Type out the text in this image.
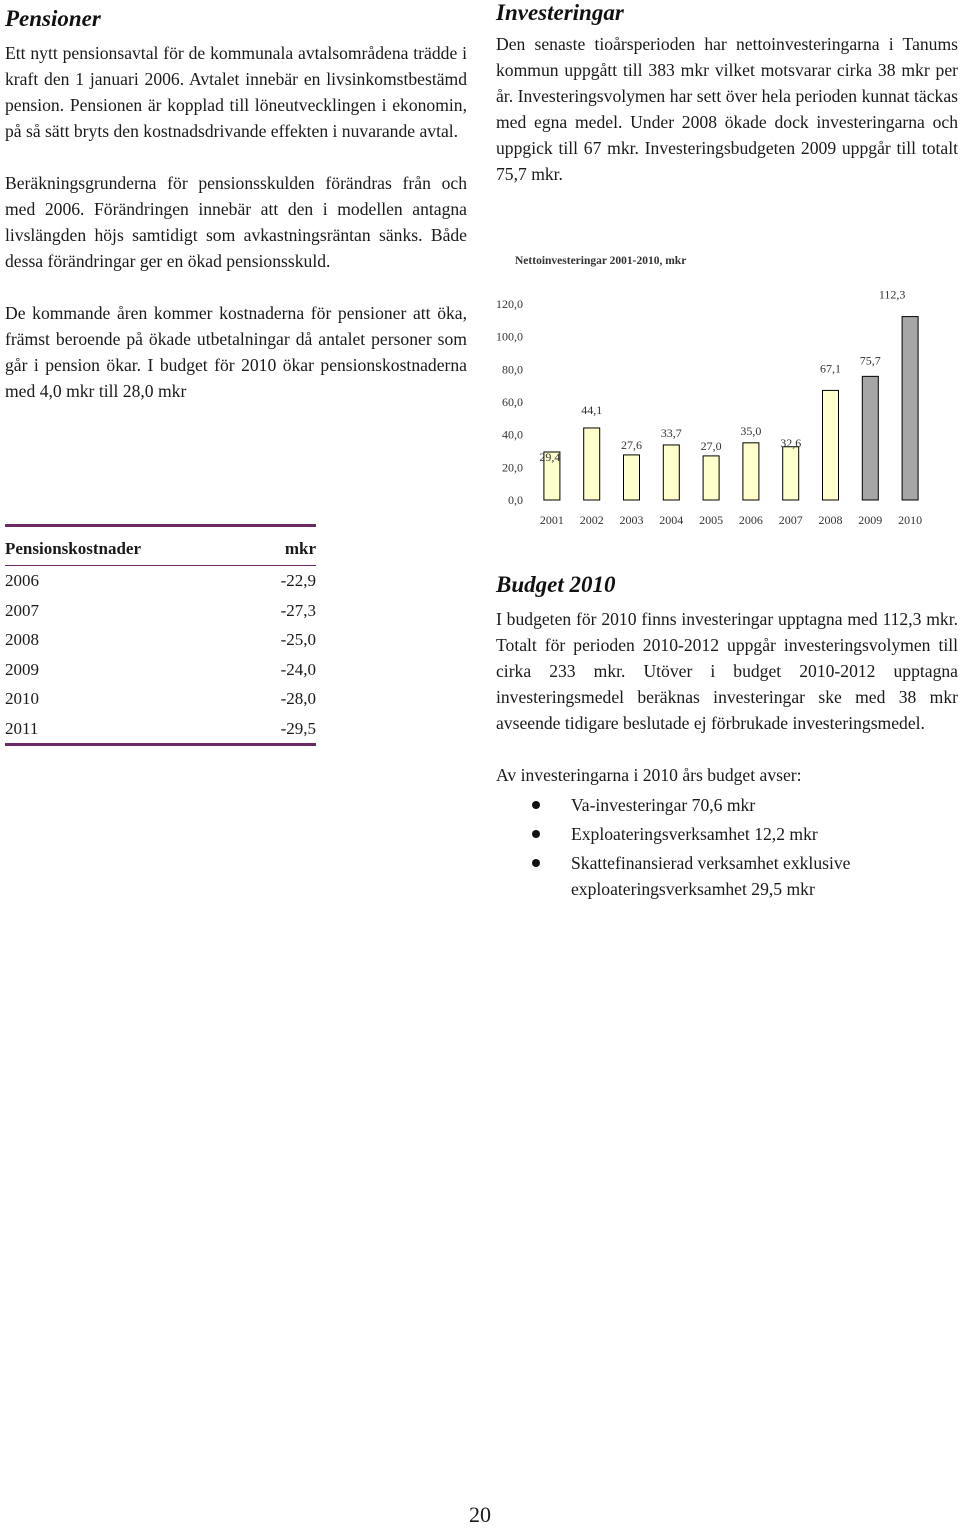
Pensioner

Ett nytt pensionsavtal för de kommunala avtalsområdena trädde i kraft den 1 januari 2006. Avtalet innebär en livsinkomstbestämd pension. Pensionen är kopplad till löneutvecklingen i ekonomin, på så sätt bryts den kostnadsdrivande effekten i nuvarande avtal.

Beräkningsgrunderna för pensionsskulden förändras från och med 2006. Förändringen innebär att den i modellen antagna livslängden höjs samtidigt som avkastningsräntan sänks. Både dessa förändringar ger en ökad pensionsskuld.

De kommande åren kommer kostnaderna för pensioner att öka, främst beroende på ökade utbetalningar då antalet personer som går i pension ökar. I budget för 2010 ökar pensionskostnaderna med 4,0 mkr till 28,0 mkr

Pensionskostnader	mkr
2006	-22,9
2007	-27,3
2008	-25,0
2009	-24,0
2010	-28,0
2011	-29,5
Investeringar

Den senaste tioårsperioden har nettoinvesteringarna i Tanums kommun uppgått till 383 mkr vilket motsvarar cirka 38 mkr per år. Investeringsvolymen har sett över hela perioden kunnat täckas med egna medel. Under 2008 ökade dock investeringarna och uppgick till 67 mkr. Investeringsbudgeten 2009 uppgår till totalt 75,7 mkr.

Nettoinvesteringar 2001-2010, mkr
0,0
20,0
40,0
60,0
80,0
100,0
120,0
29,4
2001
44,1
2002
27,6
2003
33,7
2004
27,0
2005
35,0
2006
32,6
2007
67,1
2008
75,7
2009
112,3
2010
Budget 2010

I budgeten för 2010 finns investeringar upptagna med 112,3 mkr. Totalt för perioden 2010-2012 uppgår investeringsvolymen till cirka 233 mkr. Utöver i budget 2010-2012 upptagna investeringsmedel beräknas investeringar ske med 38 mkr avseende tidigare beslutade ej förbrukade investeringsmedel.

Av investeringarna i 2010 års budget avser:

Va-investeringar 70,6 mkr
Exploateringsverksamhet 12,2 mkr
Skattefinansierad verksamhet exklusive exploateringsverksamhet 29,5 mkr
20
